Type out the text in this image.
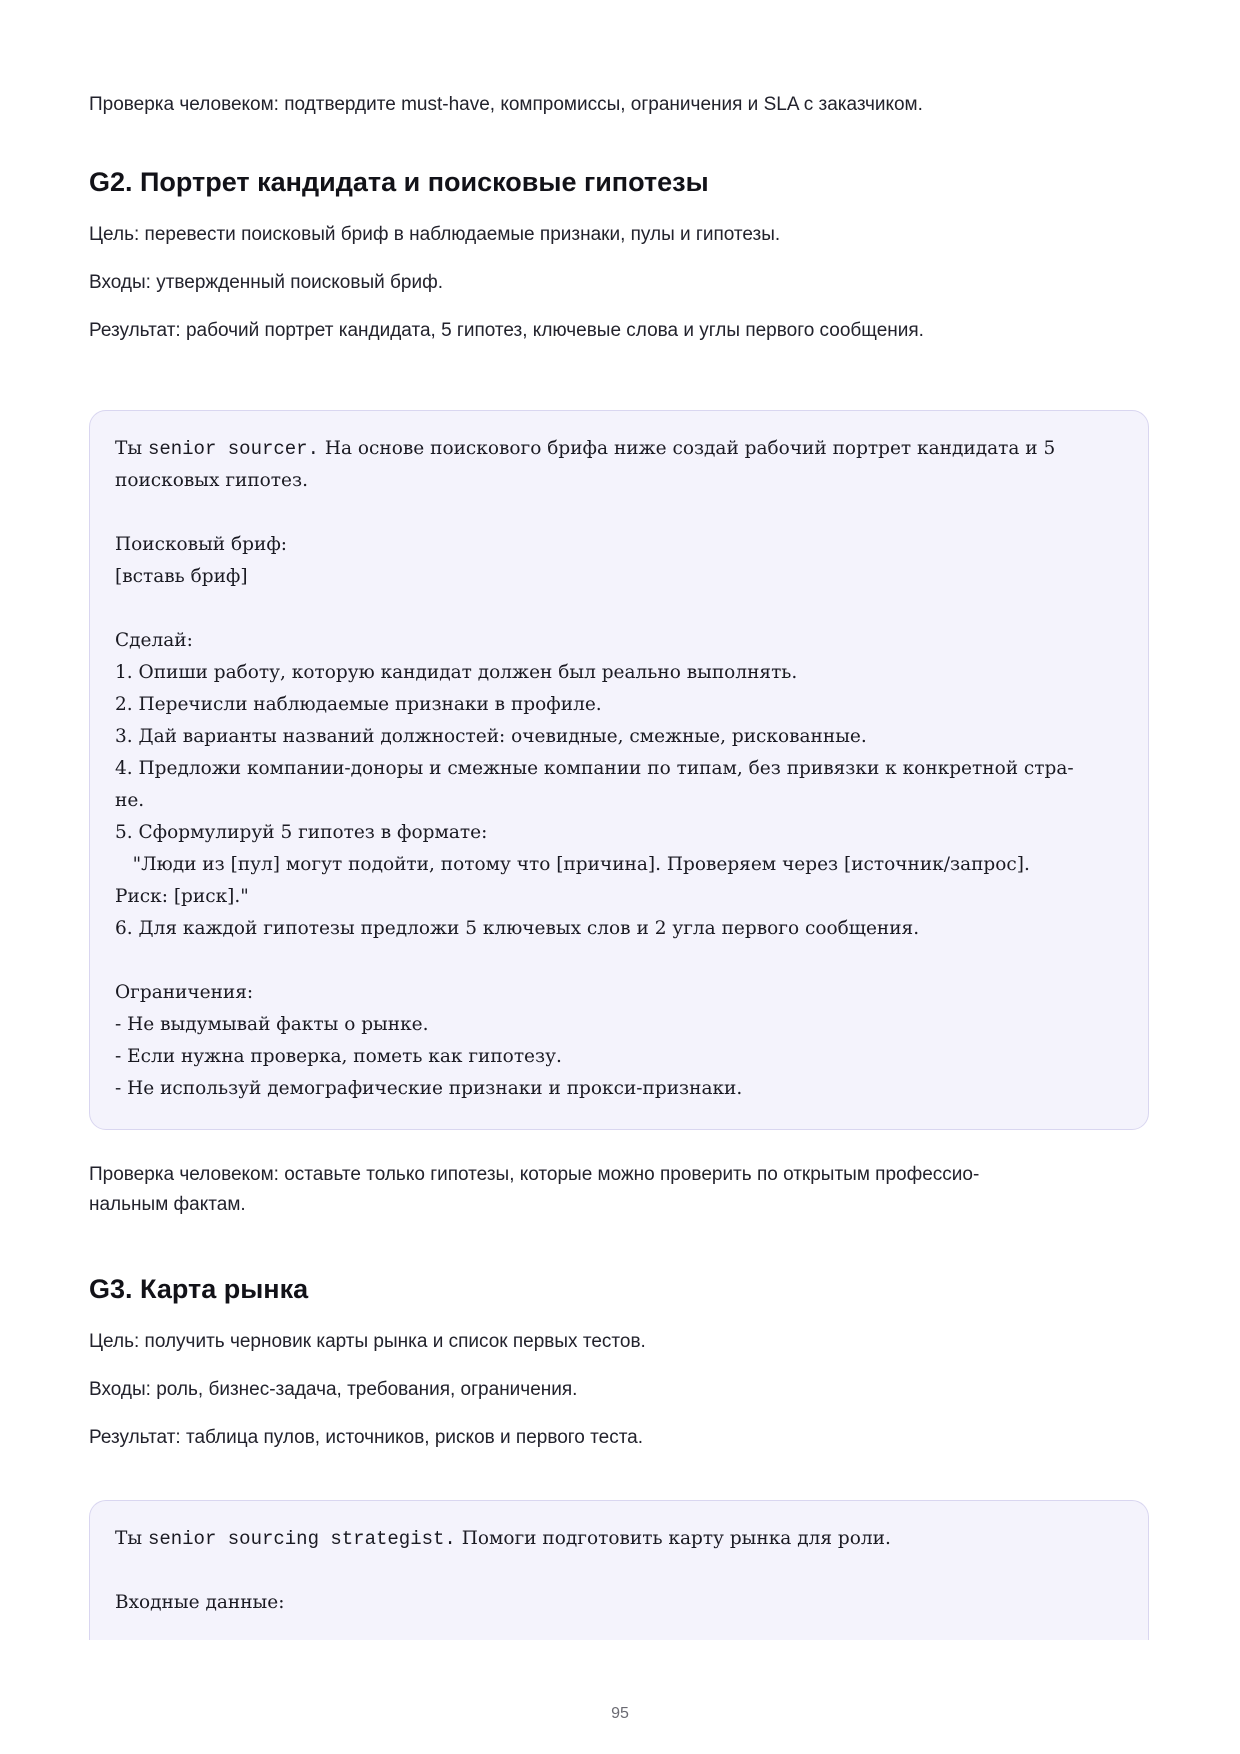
Проверка человеком: подтвердите must-have, компромиссы, ограничения и SLA с заказчиком.

G2. Портрет кандидата и поисковые гипотезы

Цель: перевести поисковый бриф в наблюдаемые признаки, пулы и гипотезы.

Входы: утвержденный поисковый бриф.

Результат: рабочий портрет кандидата, 5 гипотез, ключевые слова и углы первого сообщения.

Ты senior sourcer. На основе поискового брифа ниже создай рабочий портрет кандидата и 5
поисковых гипотез.
Поисковый бриф:
[вставь бриф]
Сделай:
1. Опиши работу, которую кандидат должен был реально выполнять.
2. Перечисли наблюдаемые признаки в профиле.
3. Дай варианты названий должностей: очевидные, смежные, рискованные.
4. Предложи компании-доноры и смежные компании по типам, без привязки к конкретной стра-
не.
5. Сформулируй 5 гипотез в формате:
"Люди из [пул] могут подойти, потому что [причина]. Проверяем через [источник/запрос].
Риск: [риск]."
6. Для каждой гипотезы предложи 5 ключевых слов и 2 угла первого сообщения.
Ограничения:
- Не выдумывай факты о рынке.
- Если нужна проверка, пометь как гипотезу.
- Не используй демографические признаки и прокси-признаки.

Проверка человеком: оставьте только гипотезы, которые можно проверить по открытым профессио-

нальным фактам.

G3. Карта рынка

Цель: получить черновик карты рынка и список первых тестов.

Входы: роль, бизнес-задача, требования, ограничения.

Результат: таблица пулов, источников, рисков и первого теста.

Ты senior sourcing strategist. Помоги подготовить карту рынка для роли.
Входные данные:
95
